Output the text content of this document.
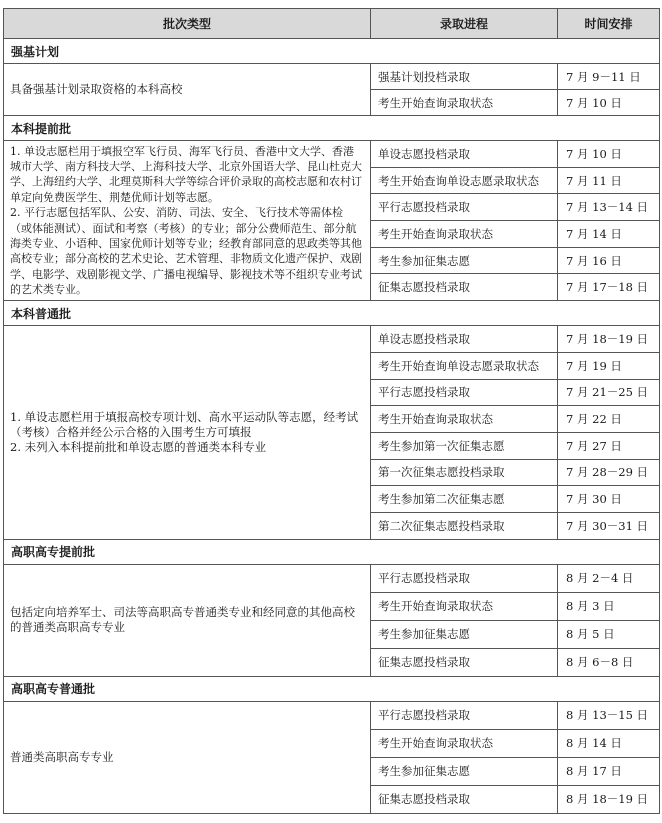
批次类型	录取进程	时间安排
强基计划		

具备强基计划录取资格的本科高校	强基计划投档录取	7 月 9－11 日
	考生开始查询录取状态	7 月 10 日
本科提前批		

1. 单设志愿栏用于填报空军飞行员、海军飞行员、香港中文大学、香港城市大学、南方科技大学、上海科技大学、北京外国语大学、昆山杜克大学、上海纽约大学、北理莫斯科大学等综合评价录取的高校志愿和农村订单定向免费医学生、荆楚优师计划等志愿。
2. 平行志愿包括军队、公安、消防、司法、安全、飞行技术等需体检（或体能测试）、面试和考察（考核）的专业；部分公费师范生、部分航海类专业、小语种、国家优师计划等专业；经教育部同意的思政类等其他高校专业；部分高校的艺术史论、艺术管理、非物质文化遗产保护、戏剧学、电影学、戏剧影视文学、广播电视编导、影视技术等不组织专业考试的艺术类专业。	单设志愿投档录取	7 月 10 日
	考生开始查询单设志愿录取状态	7 月 11 日
	平行志愿投档录取	7 月 13－14 日
	考生开始查询录取状态	7 月 14 日
	考生参加征集志愿	7 月 16 日
	征集志愿投档录取	7 月 17－18 日
本科普通批		

1. 单设志愿栏用于填报高校专项计划、高水平运动队等志愿，经考试（考核）合格并经公示合格的入围考生方可填报
2. 未列入本科提前批和单设志愿的普通类本科专业	单设志愿投档录取	7 月 18－19 日
	考生开始查询单设志愿录取状态	7 月 19 日
	平行志愿投档录取	7 月 21－25 日
	考生开始查询录取状态	7 月 22 日
	考生参加第一次征集志愿	7 月 27 日
	第一次征集志愿投档录取	7 月 28－29 日
	考生参加第二次征集志愿	7 月 30 日
	第二次征集志愿投档录取	7 月 30－31 日
高职高专提前批		

包括定向培养军士、司法等高职高专普通类专业和经同意的其他高校的普通类高职高专专业	平行志愿投档录取	8 月 2－4 日
	考生开始查询录取状态	8 月 3 日
	考生参加征集志愿	8 月 5 日
	征集志愿投档录取	8 月 6－8 日
高职高专普通批		

普通类高职高专专业	平行志愿投档录取	8 月 13－15 日
	考生开始查询录取状态	8 月 14 日
	考生参加征集志愿	8 月 17 日
	征集志愿投档录取	8 月 18－19 日
